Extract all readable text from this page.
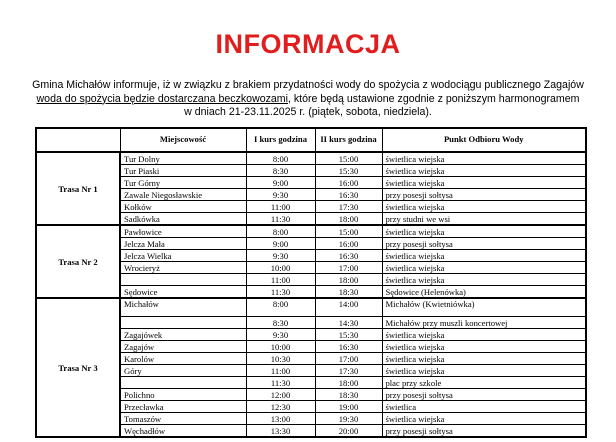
INFORMACJA

Gmina Michałów informuje, iż w związku z brakiem przydatności wody do spożycia z wodociągu publicznego Zagajów

woda do spożycia będzie dostarczana beczkowozami, które będą ustawione zgodnie z poniższym harmonogramem

w dniach 21-23.11.2025 r. (piątek, sobota, niedziela).

	Miejscowość	I kurs godzina	II kurs godzina	Punkt Odbioru Wody
Trasa Nr 1	Tur Dolny	8:00	15:00	świetlica wiejska
	Tur Piaski	8:30	15:30	świetlica wiejska
	Tur Górny	9:00	16:00	świetlica wiejska
	Zawale Niegosławskie	9:30	16:30	przy posesji sołtysa
	Kołków	11:00	17:30	świetlica wiejska
	Sadkówka	11:30	18:00	przy studni we wsi
Trasa Nr 2	Pawłowice	8:00	15:00	świetlica wiejska
	Jelcza Mała	9:00	16:00	przy posesji sołtysa
	Jelcza Wielka	9:30	16:30	świetlica wiejska
	Wrocieryż	10:00	17:00	świetlica wiejska
		11:00	18:00	świetlica wiejska
	Sędowice	11:30	18:30	Sędowice (Helenówka)
Trasa Nr 3	Michałów	8:00	14:00	Michałów (Kwietniówka)
		8:30	14:30	Michałów przy muszli koncertowej
	Zagajówek	9:30	15:30	świetlica wiejska
	Zagajów	10:00	16:30	świetlica wiejska
	Karolów	10:30	17:00	świetlica wiejska
	Góry	11:00	17:30	świetlica wiejska
		11:30	18:00	plac przy szkole
	Polichno	12:00	18:30	przy posesji sołtysa
	Przecławka	12:30	19:00	świetlica
	Tomaszów	13:00	19:30	świetlica wiejska
	Węchadłów	13:30	20:00	przy posesji sołtysa
